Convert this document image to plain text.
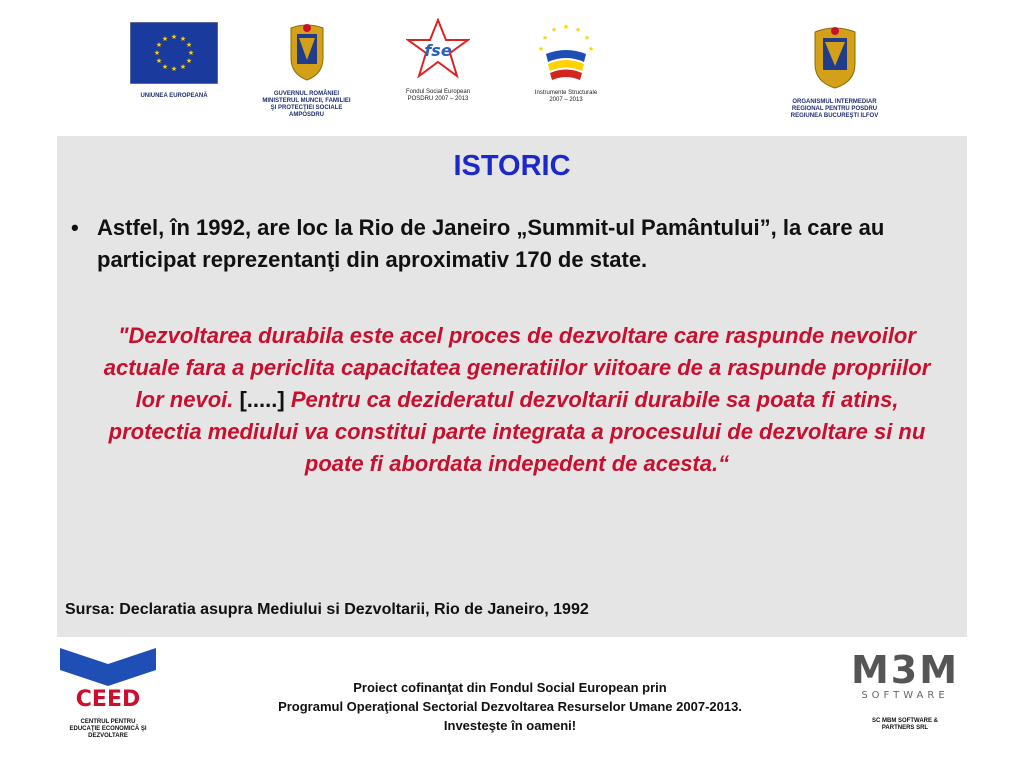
★ ★
★
★
★
★
★
★
★
★
★
★
UNIUNEA EUROPEANĂ	GUVERNUL ROMÂNIEI
MINISTERUL MUNCII, FAMILIEI
ŞI PROTECŢIEI SOCIALE
AMPOSDRU
fse
Fondul Social European
POSDRU 2007 – 2013
★ ★
★
★
★
★
★
Instrumente Structurale
2007 – 2013	ORGANISMUL INTERMEDIAR
REGIONAL PENTRU POSDRU
REGIUNEA BUCUREŞTI ILFOV
ISTORIC
• Astfel, în 1992, are loc la Rio de Janeiro „Summit-ul Pamântului”, la care au participat reprezentanţi din aproximativ 170 de state.
"Dezvoltarea durabila este acel proces de dezvoltare care raspunde nevoilor actuale fara a periclita capacitatea generatiilor viitoare de a raspunde propriilor lor nevoi. [.....] Pentru ca dezideratul dezvoltarii durabile sa poata fi atins, protectia mediului va constitui parte integrata a procesului de dezvoltare si nu poate fi abordata indepedent de acesta.“
Sursa: Declaratia asupra Mediului si Dezvoltarii, Rio de Janeiro, 1992
CEED
CENTRUL PENTRU
EDUCAŢIE ECONOMICĂ ŞI
DEZVOLTARE
Proiect cofinanţat din Fondul Social European prin
Programul Operaţional Sectorial Dezvoltarea Resurselor Umane 2007-2013.
Investeşte în oameni!
M3M
SOFTWARE
SC MBM SOFTWARE &
PARTNERS SRL
